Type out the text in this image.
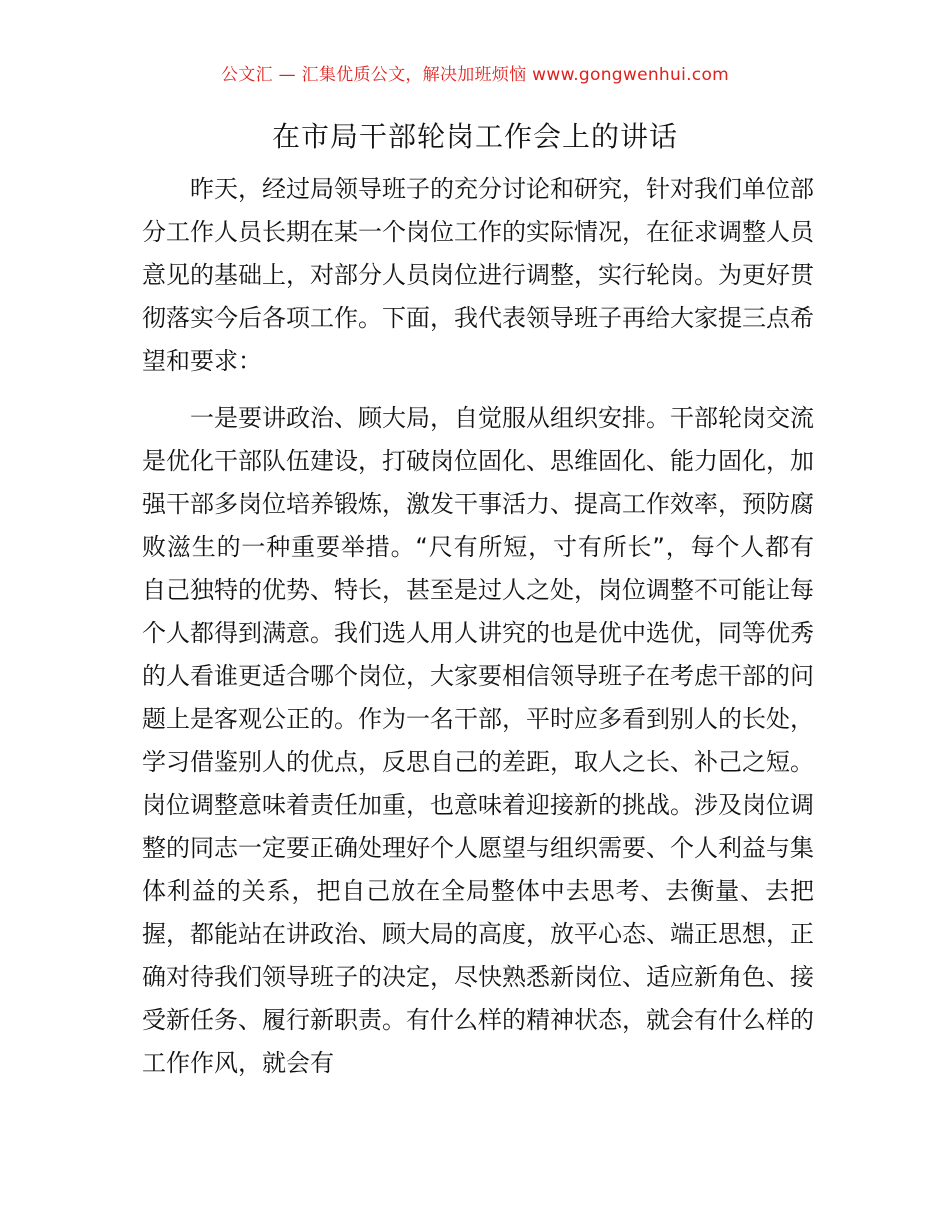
公文汇 — 汇集优质公文，解决加班烦恼 www.gongwenhui.com
在市局干部轮岗工作会上的讲话

昨天，经过局领导班子的充分讨论和研究，针对我们单位部分工作人员长期在某一个岗位工作的实际情况，在征求调整人员意见的基础上，对部分人员岗位进行调整，实行轮岗。为更好贯彻落实今后各项工作。下面，我代表领导班子再给大家提三点希望和要求：

一是要讲政治、顾大局，自觉服从组织安排。干部轮岗交流是优化干部队伍建设，打破岗位固化、思维固化、能力固化，加强干部多岗位培养锻炼，激发干事活力、提高工作效率，预防腐败滋生的一种重要举措。“尺有所短，寸有所长”，每个人都有自己独特的优势、特长，甚至是过人之处，岗位调整不可能让每个人都得到满意。我们选人用人讲究的也是优中选优，同等优秀的人看谁更适合哪个岗位，大家要相信领导班子在考虑干部的问题上是客观公正的。作为一名干部，平时应多看到别人的长处，学习借鉴别人的优点，反思自己的差距，取人之长、补己之短。岗位调整意味着责任加重，也意味着迎接新的挑战。涉及岗位调整的同志一定要正确处理好个人愿望与组织需要、个人利益与集体利益的关系，把自己放在全局整体中去思考、去衡量、去把握，都能站在讲政治、顾大局的高度，放平心态、端正思想，正确对待我们领导班子的决定，尽快熟悉新岗位、适应新角色、接受新任务、履行新职责。有什么样的精神状态，就会有什么样的工作作风，就会有
